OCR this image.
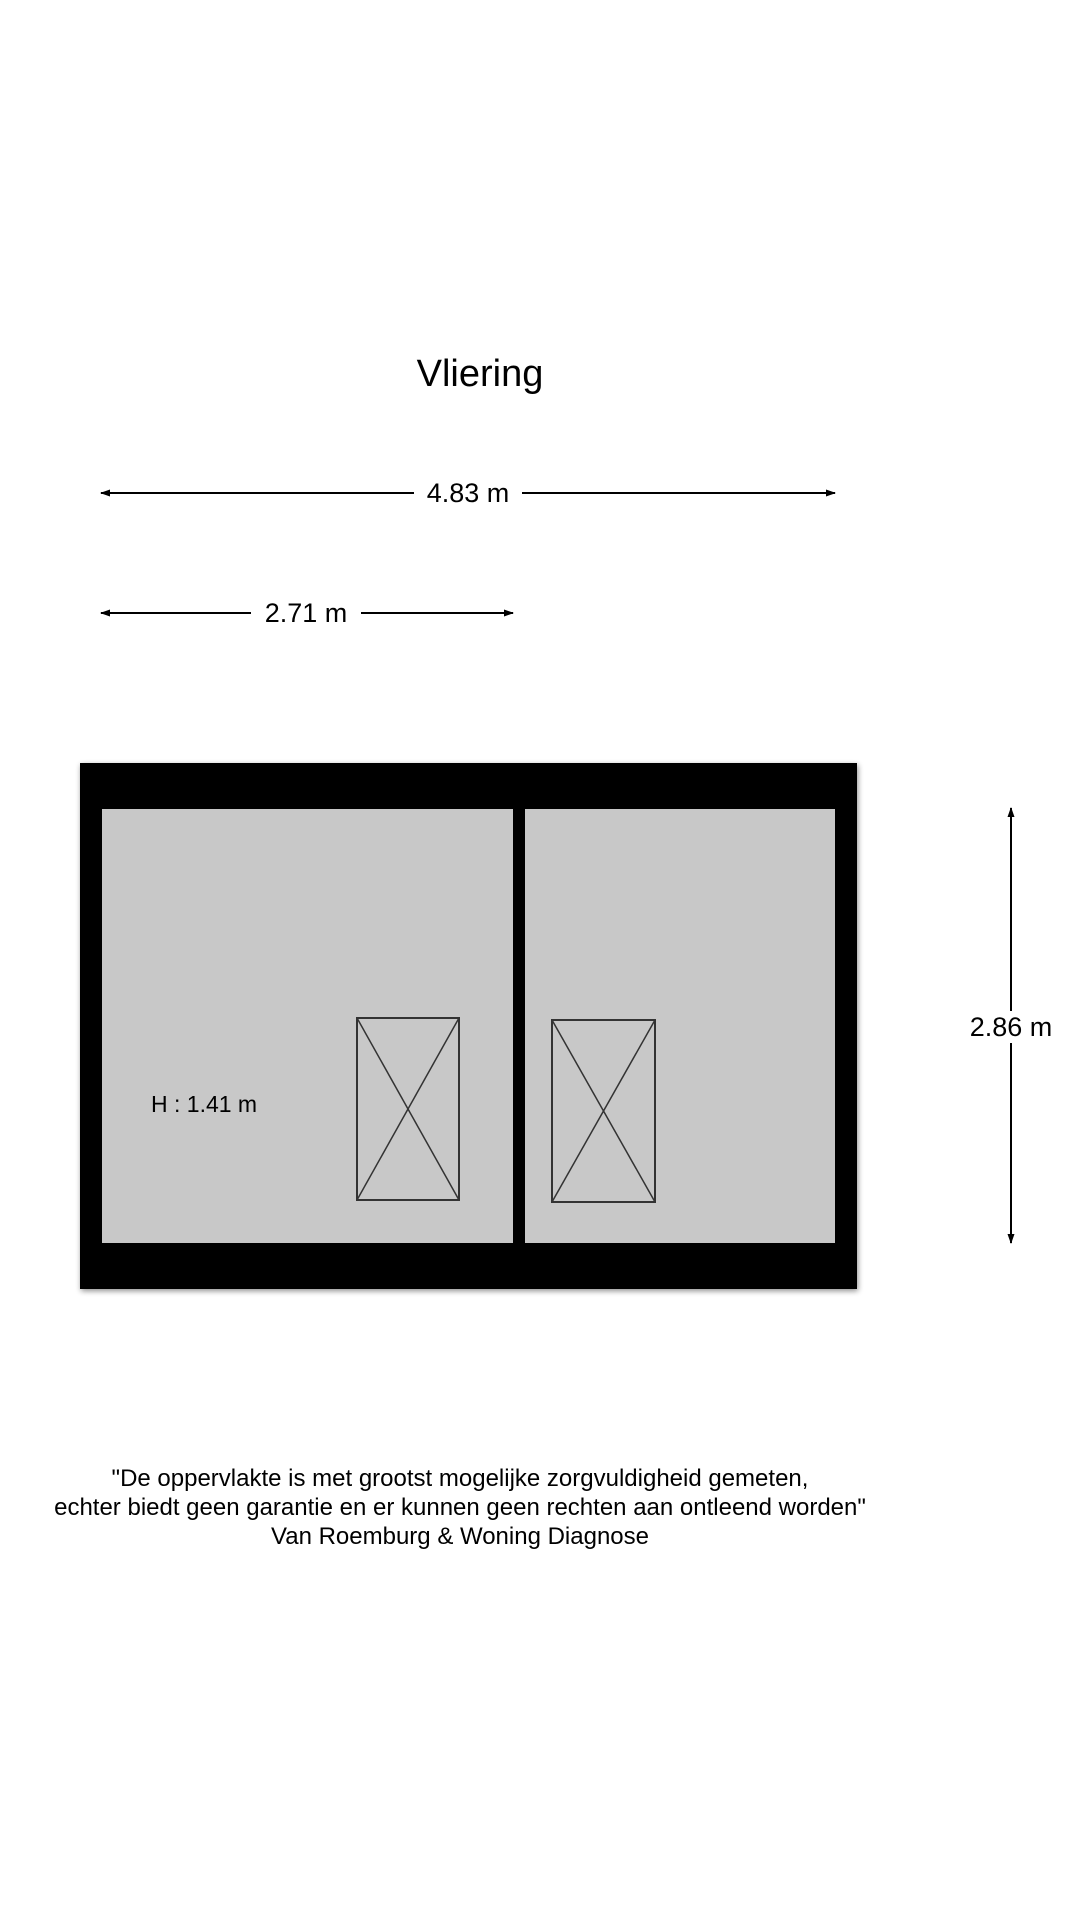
Vliering
4.83 m
2.71 m
2.86 m
H : 1.41 m
"De oppervlakte is met grootst mogelijke zorgvuldigheid gemeten,
echter biedt geen garantie en er kunnen geen rechten aan ontleend worden"
Van Roemburg & Woning Diagnose
